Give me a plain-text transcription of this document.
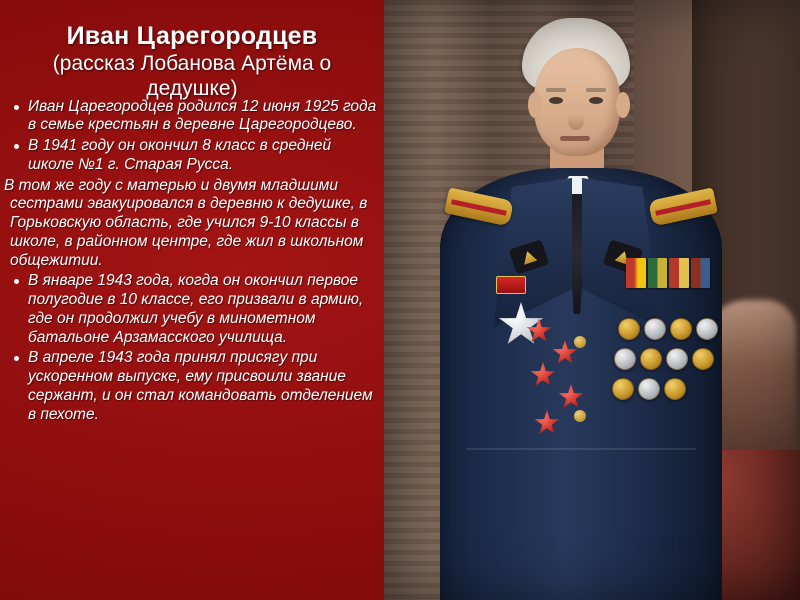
Иван Царегородцев
(рассказ Лобанова Артёма о дедушке)
Иван Царегородцев родился 12 июня 1925 года в семье крестьян в деревне Царегородцево.
В 1941 году он окончил 8 класс в средней школе №1 г. Старая Русса.
В том же году с матерью и двумя младшими сестрами эвакуировался в деревню к дедушке, в Горьковскую область, где учился 9-10 классы в школе, в районном центре, где жил в школьном общежитии.
В январе 1943 года, когда он окончил первое полугодие в 10 классе, его призвали в армию, где он продолжил учебу в минометном батальоне Арзамасского училища.
В апреле 1943 года принял присягу при ускоренном выпуске, ему присвоили звание сержант, и он стал командовать отделением в пехоте.
